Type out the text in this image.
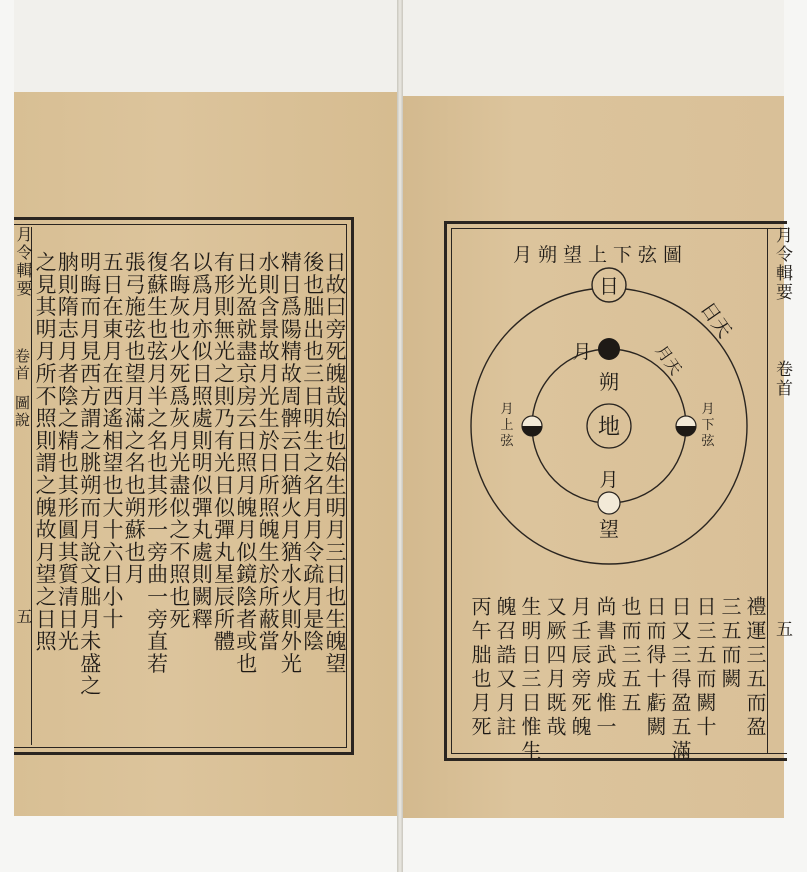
月令輯要
卷首
圖說
五	日故曰旁死魄哉始也始生明月三日也生魄望
後也朏出也三日明生之名月月令疏月是陰
精日爲陽精故周髀云日猶火月猶水火則外光
水則含景故月光生於日所照魄生於所蔽當
日光盈就盡京房云日照月魄月似鏡陰者或也
有形則無光之則乃有光日似彈丸星辰所體
以爲月亦似日照處則明似彈丸處則闕釋
名晦灰也火死爲灰月光盡似之不照也死
復蘇生也弦月半之名也其形一旁曲一旁直若
張弓施弦也望月滿之名也朔蘇也月
五日在東月在西遙相望也大十六日小十
明晦而月見西方謂之朓朔而月說文朏月未盛之
朒則隋志月者陰之精也其形圓其質清日光
之見其明月所不照則謂之魄故月望之日照	月令輯要
卷首
五
月朔望上下弦圖
地
日
月
朔
月
望
月
上
弦
月
下
弦
日天
月天
禮運三五而盈
三五而闕
日三五而闕十
日又三得盈五滿
日而得十虧闕
也而三五五
尚書武成惟一
月壬辰旁死魄
又厥四月既哉
生明日三日惟生
魄召誥又月註
丙午朏也月死
